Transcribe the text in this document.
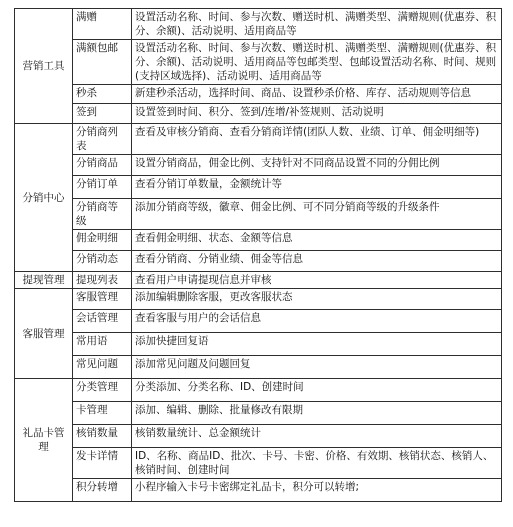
营销工具	满赠	设置活动名称、时间、参与次数、赠送时机、满赠类型、满赠规则(优惠券、积分、余额)、活动说明、适用商品等
	满额包邮	设置活动名称、时间、参与次数、赠送时机、满赠类型、满赠规则(优惠券、积分、余额)、活动说明、适用商品等包邮类型、包邮设置活动名称、时间、规则(支持区域选择)、活动说明、适用商品等
	秒杀	新建秒杀活动，选择时间、商品、设置秒杀价格、库存、活动规则等信息
	签到	设置签到时间、积分、签到/连增/补签规则、活动说明
分销中心	分销商列表	查看及审核分销商、查看分销商详情(团队人数、业绩、订单、佣金明细等)
	分销商品	设置分销商品，佣金比例、支持针对不同商品设置不同的分佣比例
	分销订单	查看分销订单数量，金额统计等
	分销商等级	添加分销商等级，徽章、佣金比例、可不同分销商等级的升级条件
	佣金明细	查看佣金明细、状态、金额等信息
	分销动态	查看分销商、分销业绩、佣金等信息
提现管理	提现列表	查看用户申请提现信息并审核
客服管理	客服管理	添加编辑删除客服，更改客服状态
	会话管理	查看客服与用户的会话信息
	常用语	添加快捷回复语
	常见问题	添加常见问题及问题回复
礼品卡管理	分类管理	分类添加、分类名称、ID、创建时间
	卡管理	添加、编辑、删除、批量修改有限期
	核销数量	核销数量统计、总金额统计
	发卡详情	ID、名称、商品ID、批次、卡号、卡密、价格、有效期、核销状态、核销人、核销时间、创建时间
	积分转增	小程序输入卡号卡密绑定礼品卡，积分可以转增;
